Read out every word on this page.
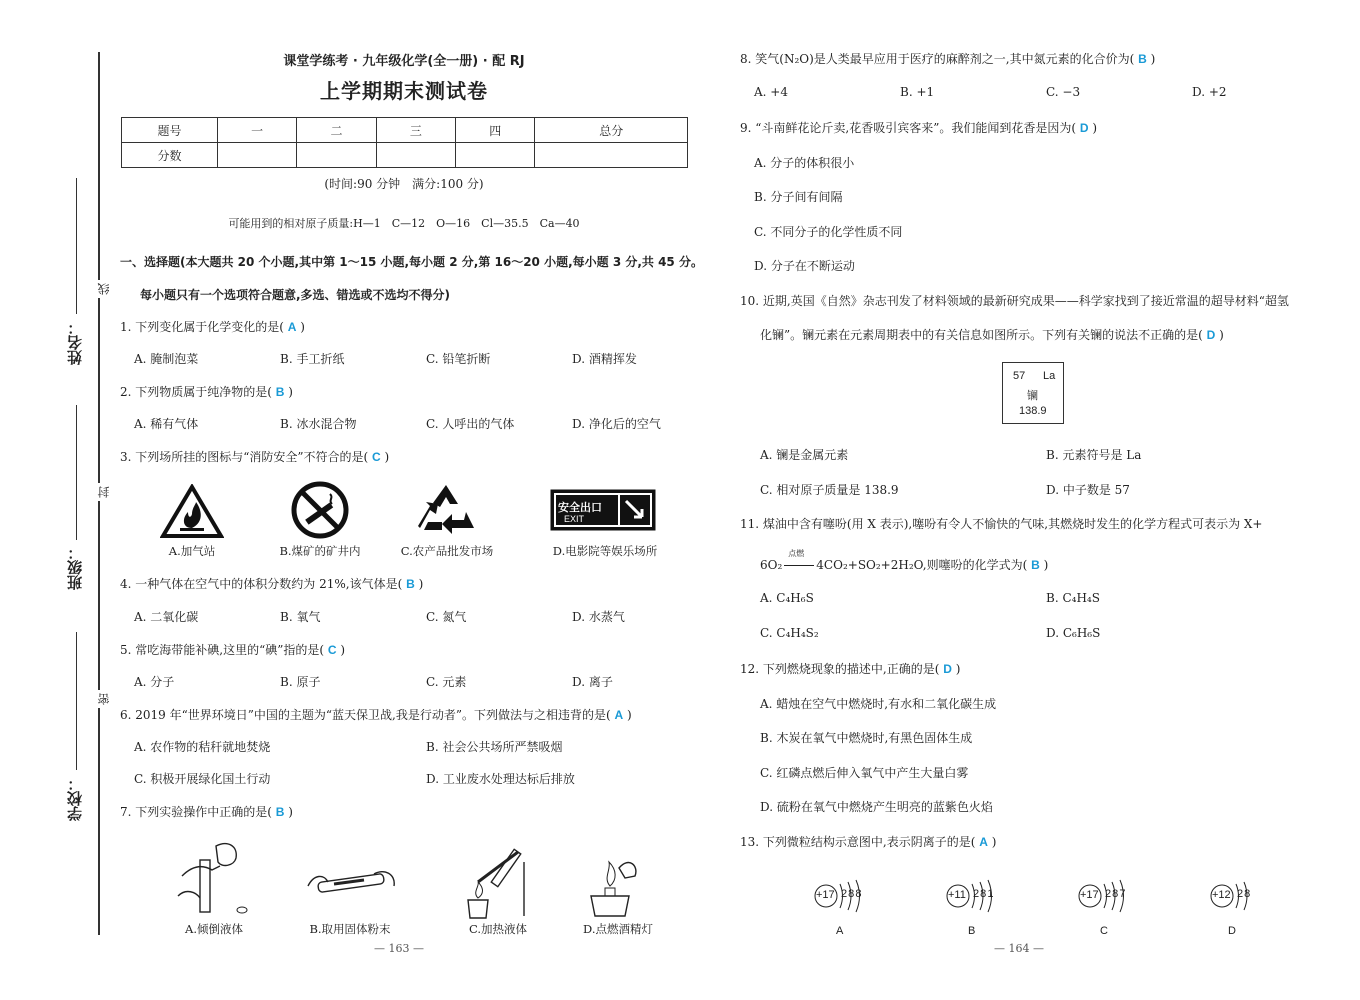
姓名：
班级：
学校：
线
封
密
课堂学练考 · 九年级化学(全一册) · 配 RJ
上学期期末测试卷
题号	一	二	三	四	总分
分数					
(时间:90 分钟　满分:100 分)
可能用到的相对原子质量:H—1　C—12　O—16　Cl—35.5　Ca—40
一、选择题(本大题共 20 个小题,其中第 1～15 小题,每小题 2 分,第 16～20 小题,每小题 3 分,共 45 分。
每小题只有一个选项符合题意,多选、错选或不选均不得分)
1. 下列变化属于化学变化的是( A )
A. 腌制泡菜	B. 手工折纸	C. 铅笔折断	D. 酒精挥发
2. 下列物质属于纯净物的是( B )
A. 稀有气体	B. 冰水混合物	C. 人呼出的气体	D. 净化后的空气
3. 下列场所挂的图标与“消防安全”不符合的是( C )
安全出口
EXIT
A.加气站	B.煤矿的矿井内	C.农产品批发市场	D.电影院等娱乐场所
4. 一种气体在空气中的体积分数约为 21%,该气体是( B )
A. 二氧化碳	B. 氧气	C. 氮气	D. 水蒸气
5. 常吃海带能补碘,这里的“碘”指的是( C )
A. 分子	B. 原子	C. 元素	D. 离子
6. 2019 年“世界环境日”中国的主题为“蓝天保卫战,我是行动者”。下列做法与之相违背的是( A )
A. 农作物的秸秆就地焚烧	B. 社会公共场所严禁吸烟
C. 积极开展绿化国土行动	D. 工业废水处理达标后排放
7. 下列实验操作中正确的是( B )
A.倾倒液体	B.取用固体粉末	C.加热液体	D.点燃酒精灯
— 163 —
8. 笑气(N₂O)是人类最早应用于医疗的麻醉剂之一,其中氮元素的化合价为( B )
A. +4	B. +1	C. −3	D. +2
9. “斗南鲜花论斤卖,花香吸引宾客来”。我们能闻到花香是因为( D )
A. 分子的体积很小
B. 分子间有间隔
C. 不同分子的化学性质不同
D. 分子在不断运动
10. 近期,英国《自然》杂志刊发了材料领域的最新研究成果——科学家找到了接近常温的超导材料“超氢
化镧”。镧元素在元素周期表中的有关信息如图所示。下列有关镧的说法不正确的是( D )
57 La
镧
138.9
A. 镧是金属元素	B. 元素符号是 La
C. 相对原子质量是 138.9	D. 中子数是 57
11. 煤油中含有噻吩(用 X 表示),噻吩有令人不愉快的气味,其燃烧时发生的化学方程式可表示为 X+
6O₂
点燃
4CO₂+SO₂+2H₂O,则噻吩的化学式为( B )
A. C₄H₆S	B. C₄H₄S
C. C₄H₄S₂	D. C₆H₆S
12. 下列燃烧现象的描述中,正确的是( D )
A. 蜡烛在空气中燃烧时,有水和二氧化碳生成
B. 木炭在氧气中燃烧时,有黑色固体生成
C. 红磷点燃后伸入氧气中产生大量白雾
D. 硫粉在氧气中燃烧产生明亮的蓝紫色火焰
13. 下列微粒结构示意图中,表示阴离子的是( A )
+17 2 8 8
A
+11 2 8 1
B
+17 2 8 7
C
+12 2 8
D
— 164 —
